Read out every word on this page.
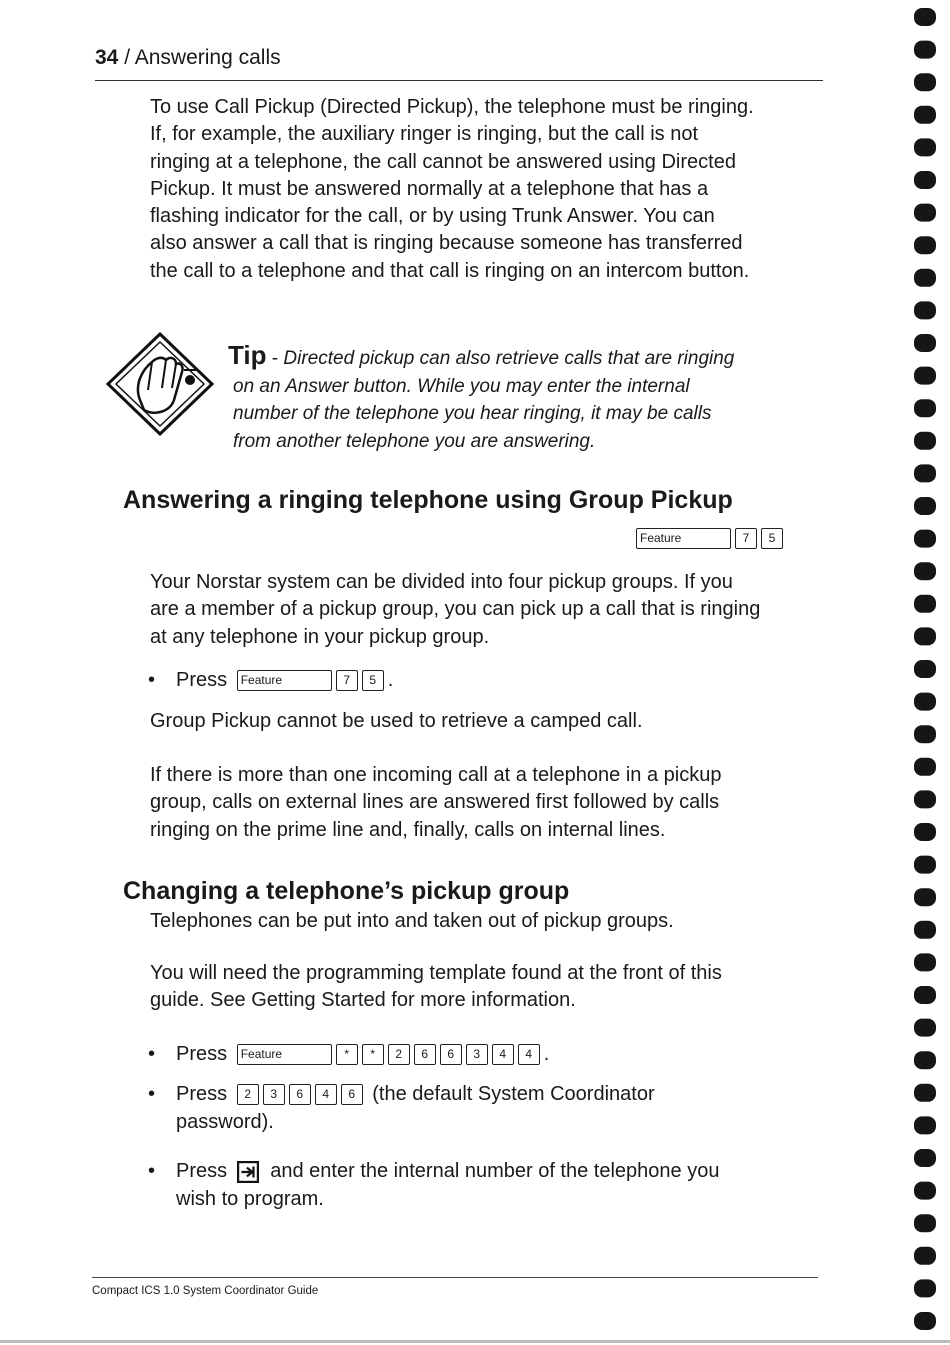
34 / Answering calls
To use Call Pickup (Directed Pickup), the telephone must be ringing.
If, for example, the auxiliary ringer is ringing, but the call is not
ringing at a telephone, the call cannot be answered using Directed
Pickup. It must be answered normally at a telephone that has a
flashing indicator for the call, or by using Trunk Answer. You can
also answer a call that is ringing because someone has transferred
the call to a telephone and that call is ringing on an intercom button.
Tip - Directed pickup can also retrieve calls that are ringing
on an Answer button. While you may enter the internal
number of the telephone you hear ringing, it may be calls
from another telephone you are answering.
Answering a ringing telephone using Group Pickup
Feature	7 5
Your Norstar system can be divided into four pickup groups. If you
are a member of a pickup group, you can pick up a call that is ringing
at any telephone in your pickup group.
•	Press Feature	7 5 .
Group Pickup cannot be used to retrieve a camped call.
If there is more than one incoming call at a telephone in a pickup
group, calls on external lines are answered first followed by calls
ringing on the prime line and, finally, calls on internal lines.
Changing a telephone’s pickup group
Telephones can be put into and taken out of pickup groups.
You will need the programming template found at the front of this
guide. See Getting Started for more information.
•	Press Feature	* * 2 6 6 3 4 4 .
•	Press 2 3 6 4 6 (the default System Coordinator
password).
•	Press and enter the internal number of the telephone you
wish to program.
Compact ICS 1.0 System Coordinator Guide
